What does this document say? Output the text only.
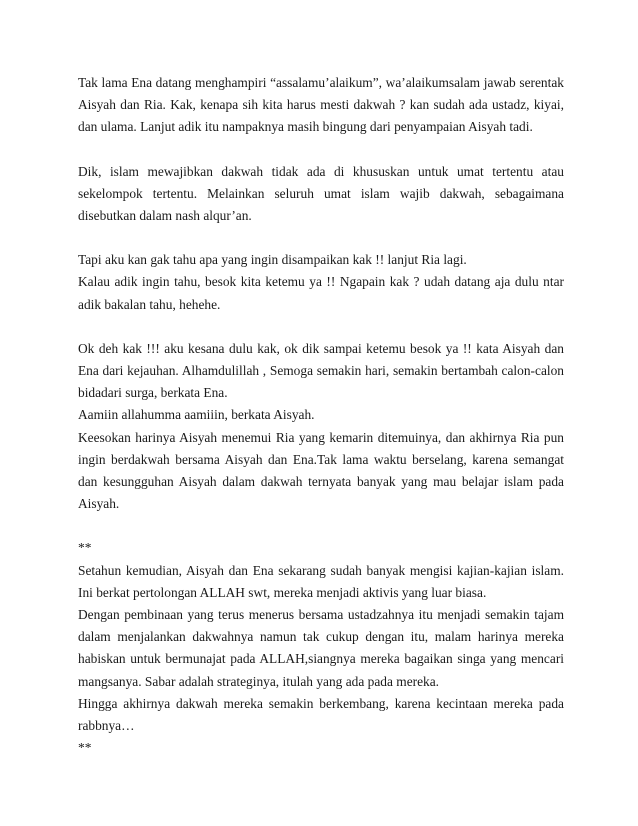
Tak lama Ena datang menghampiri “assalamu’alaikum”, wa’alaikumsalam jawab serentak Aisyah dan Ria. Kak, kenapa sih kita harus mesti dakwah ? kan sudah ada ustadz, kiyai, dan ulama. Lanjut adik itu nampaknya masih bingung dari penyampaian Aisyah tadi.

Dik, islam mewajibkan dakwah tidak ada di khususkan untuk umat tertentu atau sekelompok tertentu. Melainkan seluruh umat islam wajib dakwah, sebagaimana disebutkan dalam nash alqur’an.

Tapi aku kan gak tahu apa yang ingin disampaikan kak !! lanjut Ria lagi.

Kalau adik ingin tahu, besok kita ketemu ya !! Ngapain kak ? udah datang aja dulu ntar adik bakalan tahu, hehehe.

Ok deh kak !!! aku kesana dulu kak, ok dik sampai ketemu besok ya !! kata Aisyah dan Ena dari kejauhan. Alhamdulillah , Semoga semakin hari, semakin bertambah calon-calon bidadari surga, berkata Ena.

Aamiin allahumma aamiiin, berkata Aisyah.

Keesokan harinya Aisyah menemui Ria yang kemarin ditemuinya, dan akhirnya Ria pun ingin berdakwah bersama Aisyah dan Ena.Tak lama waktu berselang, karena semangat dan kesungguhan Aisyah dalam dakwah ternyata banyak yang mau belajar islam pada Aisyah.

**

Setahun kemudian, Aisyah dan Ena sekarang sudah banyak mengisi kajian-kajian islam. Ini berkat pertolongan ALLAH swt, mereka menjadi aktivis yang luar biasa.

Dengan pembinaan yang terus menerus bersama ustadzahnya itu menjadi semakin tajam dalam menjalankan dakwahnya namun tak cukup dengan itu, malam harinya mereka habiskan untuk bermunajat pada ALLAH,siangnya mereka bagaikan singa yang mencari mangsanya. Sabar adalah strateginya, itulah yang ada pada mereka.

Hingga akhirnya dakwah mereka semakin berkembang, karena kecintaan mereka pada rabbnya…

**
